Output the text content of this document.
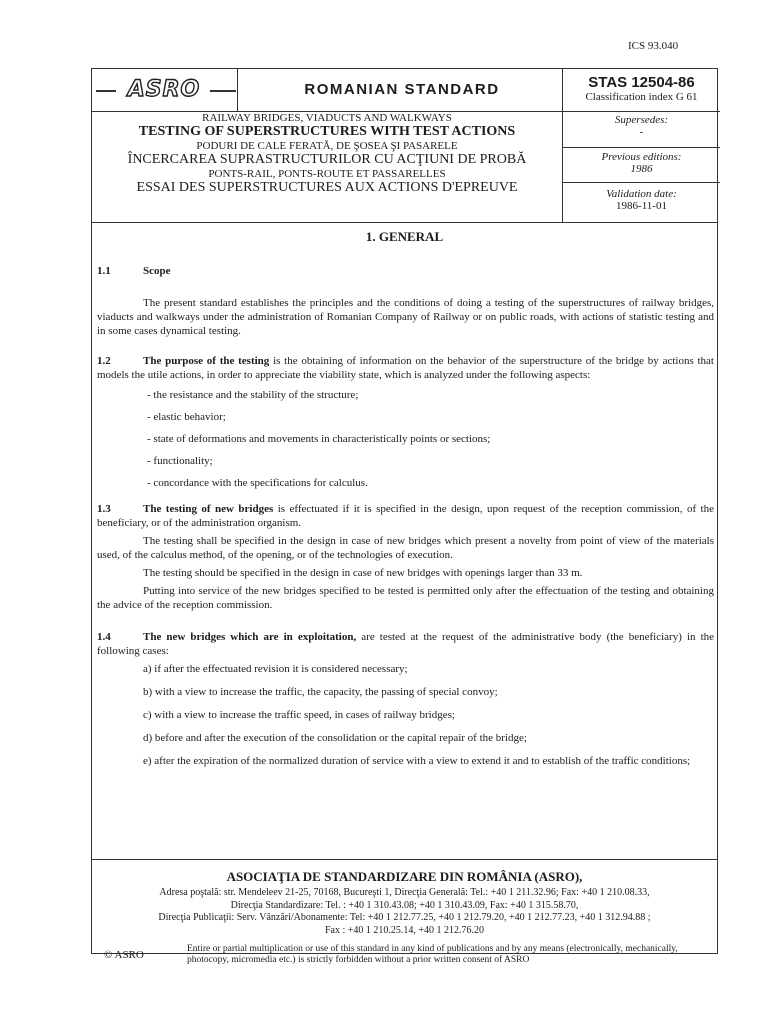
ICS 93.040
ASRO	ROMANIAN STANDARD	STAS 12504-86
Classification index G 61
Supersedes:
-
Previous editions:
1986
Validation date:
1986-11-01
RAILWAY BRIDGES, VIADUCTS AND WALKWAYS
TESTING OF SUPERSTRUCTURES WITH TEST ACTIONS
PODURI DE CALE FERATĂ, DE ŞOSEA ŞI PASARELE
ÎNCERCAREA SUPRASTRUCTURILOR CU ACŢIUNI DE PROBĂ
PONTS-RAIL, PONTS-ROUTE ET PASSARELLES
ESSAI DES SUPERSTRUCTURES AUX ACTIONS D'EPREUVE
1. GENERAL

1.1	Scope

The present standard establishes the principles and the conditions of doing a testing of the superstructures of railway bridges, viaducts and walkways under the administration of Romanian Company of Railway or on public roads, with actions of statistic testing and in some cases dynamical testing.

1.2	The purpose of the testing is the obtaining of information on the behavior of the superstructure of the bridge by actions that models the utile actions, in order to appreciate the viability state, which is analyzed under the following aspects:

- the resistance and the stability of the structure;
- elastic behavior;
- state of deformations and movements in characteristically points or sections;
- functionality;
- concordance with the specifications for calculus.

1.3	The testing of new bridges is effectuated if it is specified in the design, upon request of the reception commission, of the beneficiary, or of the administration organism.

The testing shall be specified in the design in case of new bridges which present a novelty from point of view of the materials used, of the calculus method, of the opening, or of the technologies of execution.

The testing should be specified in the design in case of new bridges with openings larger than 33 m.

Putting into service of the new bridges specified to be tested is permitted only after the effectuation of the testing and obtaining the advice of the reception commission.

1.4	The new bridges which are in exploitation, are tested at the request of the administrative body (the beneficiary) in the following cases:

a) if after the effectuated revision it is considered necessary;
b) with a view to increase the traffic, the capacity, the passing of special convoy;
c) with a view to increase the traffic speed, in cases of railway bridges;
d) before and after the execution of the consolidation or the capital repair of the bridge;
e) after the expiration of the normalized duration of service with a view to extend it and to establish of the traffic conditions;
ASOCIAŢIA DE STANDARDIZARE DIN ROMÂNIA (ASRO),
Adresa poştală: str. Mendeleev 21-25, 70168, Bucureşti 1, Direcţia Generală: Tel.: +40 1 211.32.96; Fax: +40 1 210.08.33,
Direcţia Standardizare: Tel. : +40 1 310.43.08; +40 1 310.43.09, Fax: +40 1 315.58.70,
Direcţia Publicaţii: Serv. Vânzări/Abonamente: Tel: +40 1 212.77.25, +40 1 212.79.20, +40 1 212.77.23, +40 1 312.94.88 ;
Fax : +40 1 210.25.14, +40 1 212.76.20
© ASRO	Entire or partial multiplication or use of this standard in any kind of publications and by any means (electronically, mechanically, photocopy, micromedia etc.) is strictly forbidden without a prior written consent of ASRO
